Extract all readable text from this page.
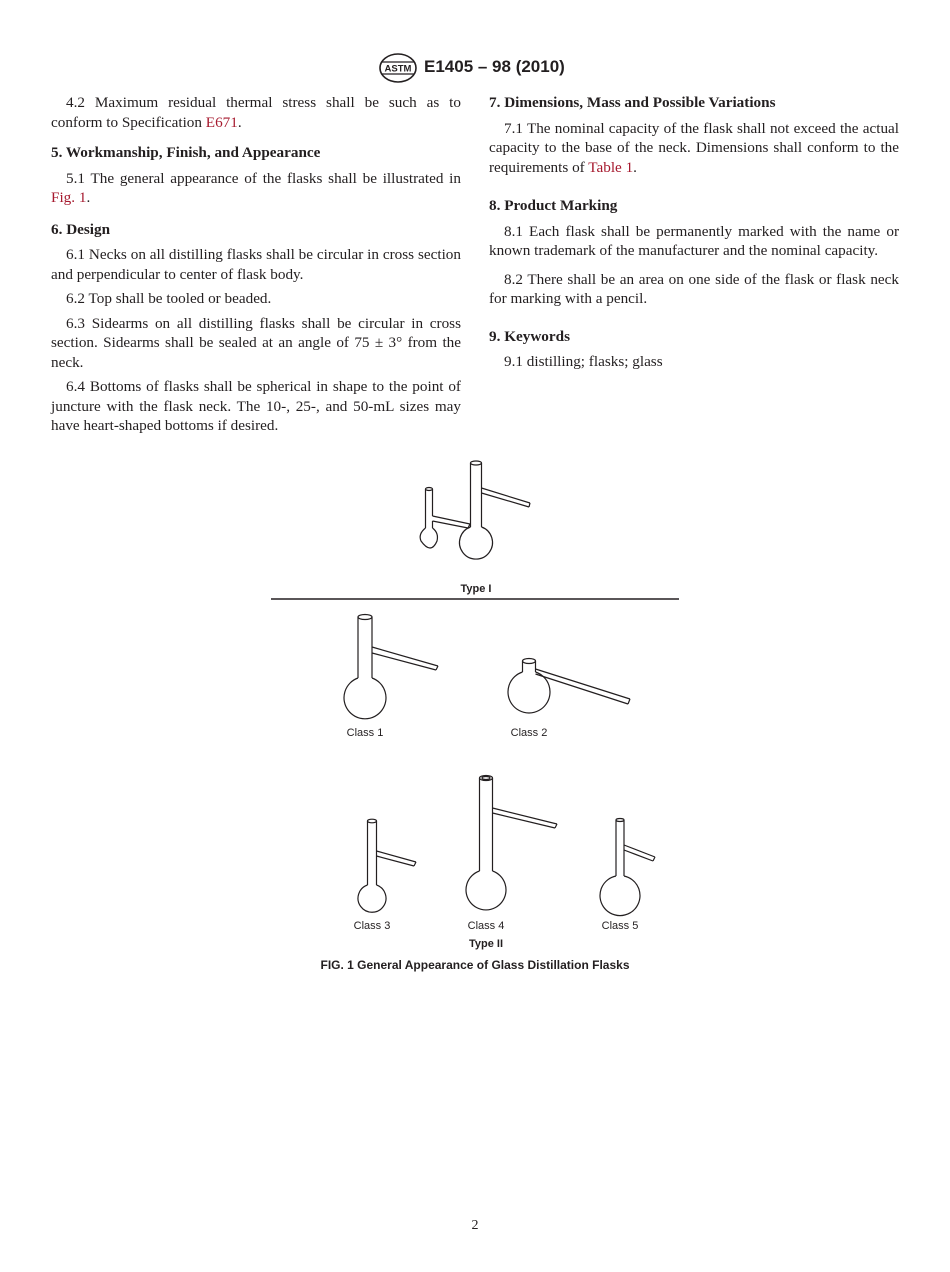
ASTM E1405 – 98 (2010)

4.2 Maximum residual thermal stress shall be such as to conform to Specification E671.

5. Workmanship, Finish, and Appearance

5.1 The general appearance of the flasks shall be illustrated in Fig. 1.

6. Design

6.1 Necks on all distilling flasks shall be circular in cross section and perpendicular to center of flask body.

6.2 Top shall be tooled or beaded.

6.3 Sidearms on all distilling flasks shall be circular in cross section. Sidearms shall be sealed at an angle of 75 ± 3° from the neck.

6.4 Bottoms of flasks shall be spherical in shape to the point of juncture with the flask neck. The 10-, 25-, and 50-mL sizes may have heart-shaped bottoms if desired.

7. Dimensions, Mass and Possible Variations

7.1 The nominal capacity of the flask shall not exceed the actual capacity to the base of the neck. Dimensions shall conform to the requirements of Table 1.

8. Product Marking

8.1 Each flask shall be permanently marked with the name or known trademark of the manufacturer and the nominal capacity.

8.2 There shall be an area on one side of the flask or flask neck for marking with a pencil.

9. Keywords

9.1 distilling; flasks; glass

Type I
Class 1	Class 2
Class 3	Class 4	Class 5
Type II
FIG. 1 General Appearance of Glass Distillation Flasks
2
